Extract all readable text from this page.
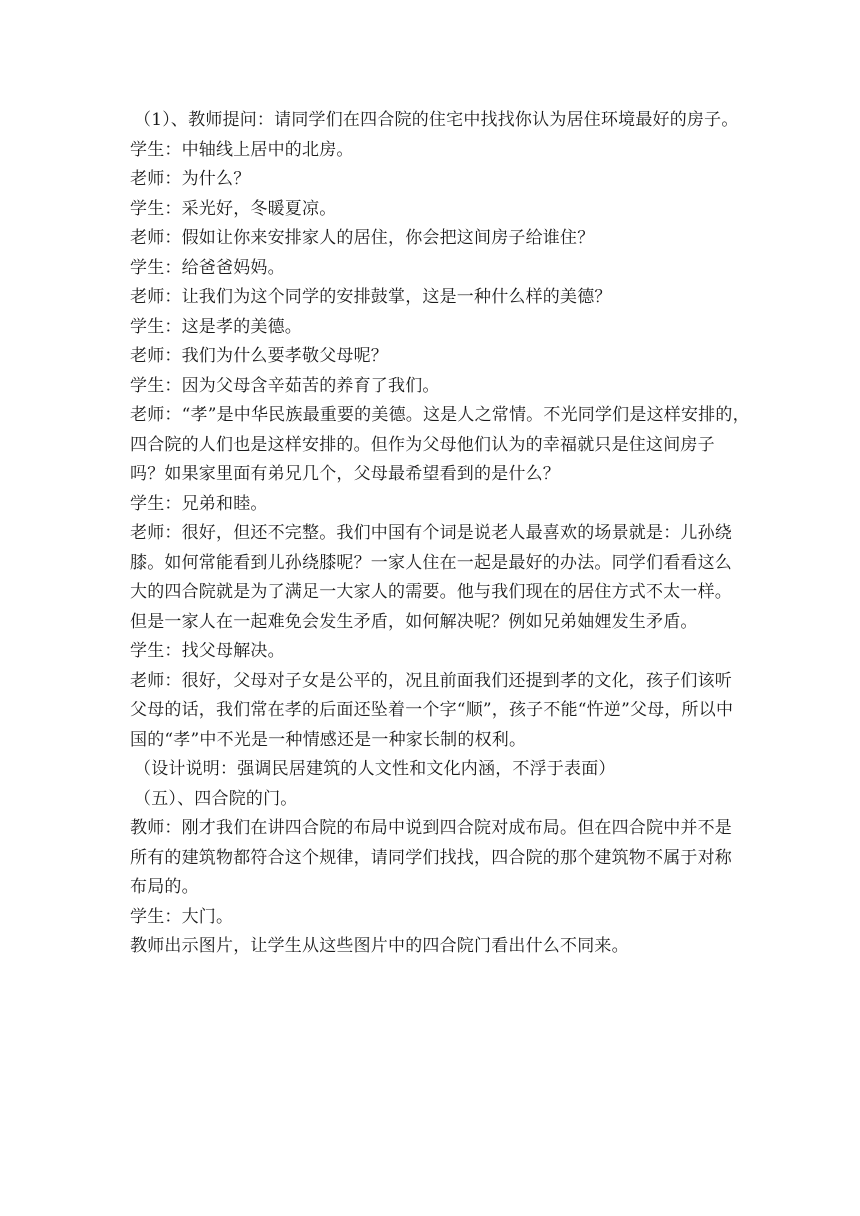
（1）、教师提问：请同学们在四合院的住宅中找找你认为居住环境最好的房子。
学生：中轴线上居中的北房。
老师：为什么？
学生：采光好，冬暖夏凉。
老师：假如让你来安排家人的居住，你会把这间房子给谁住？
学生：给爸爸妈妈。
老师：让我们为这个同学的安排鼓掌，这是一种什么样的美德？
学生：这是孝的美德。
老师：我们为什么要孝敬父母呢？
学生：因为父母含辛茹苦的养育了我们。
老师：“孝”是中华民族最重要的美德。这是人之常情。不光同学们是这样安排的，
四合院的人们也是这样安排的。但作为父母他们认为的幸福就只是住这间房子
吗？如果家里面有弟兄几个，父母最希望看到的是什么？
学生：兄弟和睦。
老师：很好，但还不完整。我们中国有个词是说老人最喜欢的场景就是：儿孙绕
膝。如何常能看到儿孙绕膝呢？一家人住在一起是最好的办法。同学们看看这么
大的四合院就是为了满足一大家人的需要。他与我们现在的居住方式不太一样。
但是一家人在一起难免会发生矛盾，如何解决呢？例如兄弟妯娌发生矛盾。
学生：找父母解决。
老师：很好，父母对子女是公平的，况且前面我们还提到孝的文化，孩子们该听
父母的话，我们常在孝的后面还坠着一个字“顺”，孩子不能“忤逆”父母，所以中
国的“孝”中不光是一种情感还是一种家长制的权利。
（设计说明：强调民居建筑的人文性和文化内涵，不浮于表面）
（五）、四合院的门。
教师：刚才我们在讲四合院的布局中说到四合院对成布局。但在四合院中并不是
所有的建筑物都符合这个规律，请同学们找找，四合院的那个建筑物不属于对称
布局的。
学生：大门。
教师出示图片，让学生从这些图片中的四合院门看出什么不同来。
